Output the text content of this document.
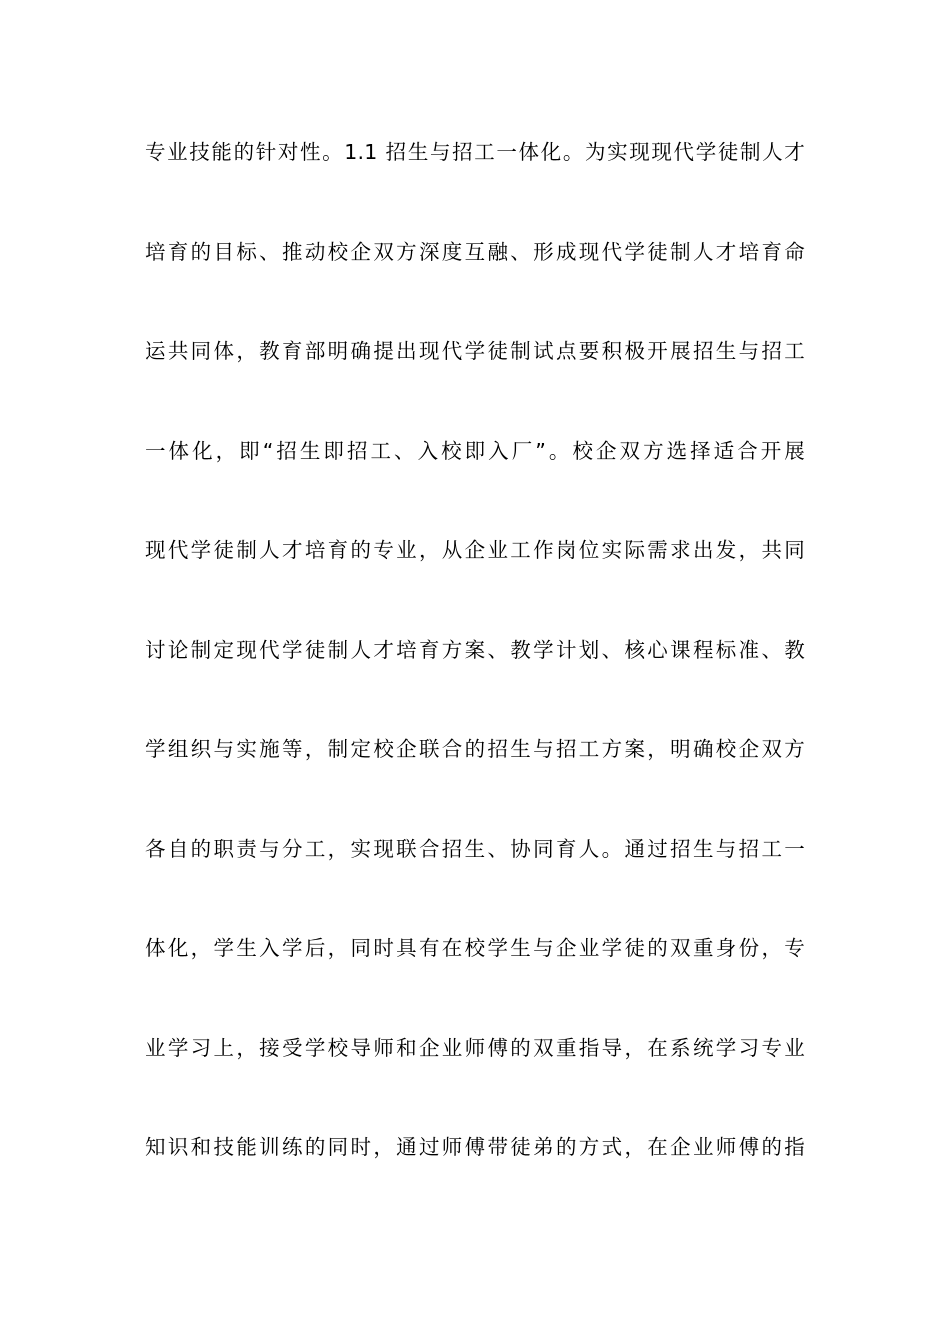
专业技能的针对性。1.1 招生与招工一体化。为实现现代学徒制人才

培育的目标、推动校企双方深度互融、形成现代学徒制人才培育命

运共同体，教育部明确提出现代学徒制试点要积极开展招生与招工

一体化，即“招生即招工、入校即入厂”。校企双方选择适合开展

现代学徒制人才培育的专业，从企业工作岗位实际需求出发，共同

讨论制定现代学徒制人才培育方案、教学计划、核心课程标准、教

学组织与实施等，制定校企联合的招生与招工方案，明确校企双方

各自的职责与分工，实现联合招生、协同育人。通过招生与招工一

体化，学生入学后，同时具有在校学生与企业学徒的双重身份，专

业学习上，接受学校导师和企业师傅的双重指导，在系统学习专业

知识和技能训练的同时，通过师傅带徒弟的方式，在企业师傅的指
